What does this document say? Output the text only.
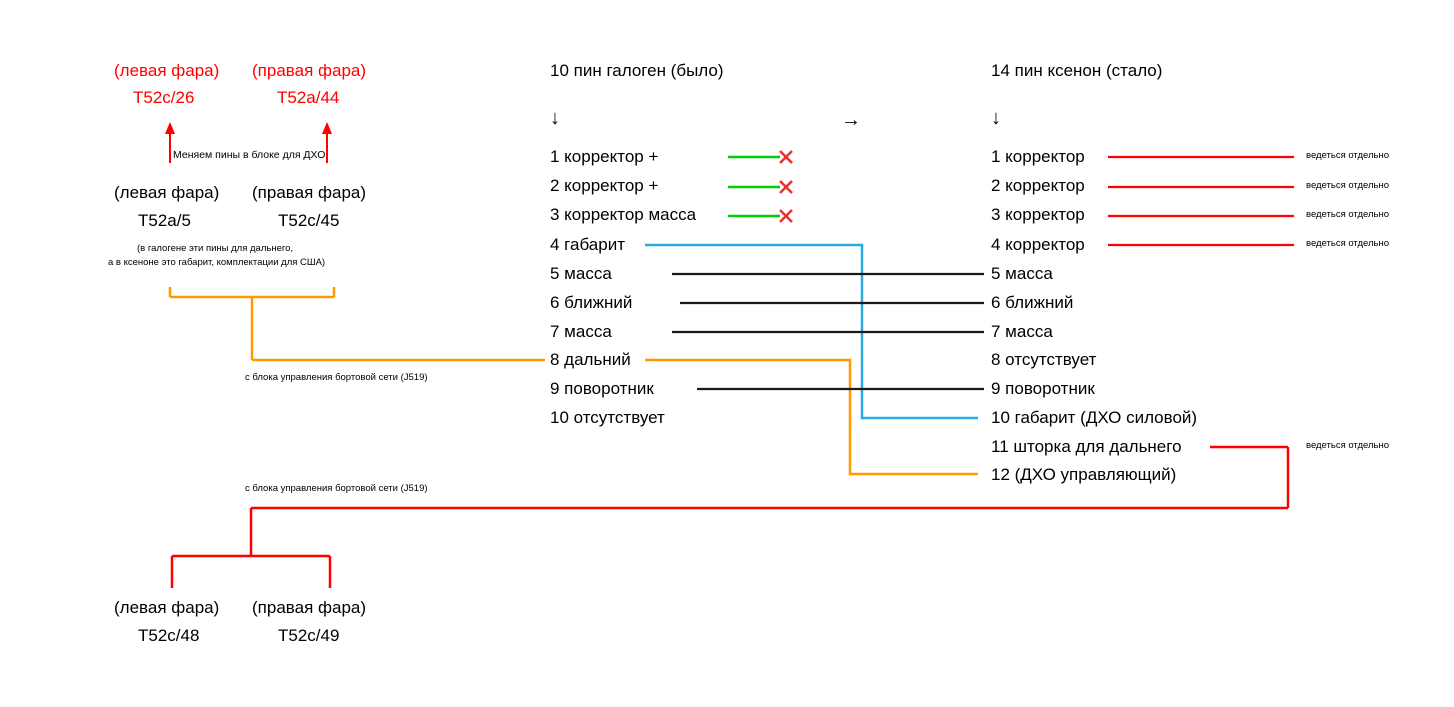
(левая фара)
T52c/26
(правая фара)
T52a/44
Меняем пины в блоке для ДХО
(левая фара)
T52a/5
(правая фара)
T52c/45
(в галогене эти пины для дальнего,
а в ксеноне это габарит, комплектации для США)
с блока управления бортовой сети (J519)
с блока управления бортовой сети (J519)
(левая фара)
T52c/48
(правая фара)
T52c/49
10 пин галоген (было)	14 пин ксенон (стало)
↓	↓
→
1 корректор +
2 корректор +
3 корректор масса
4 габарит
5 масса
6 ближний
7 масса
8 дальний
9 поворотник
10 отсутствует
1 корректор
2 корректор
3 корректор
4 корректор
5 масса
6 ближний
7 масса
8 отсутствует
9 поворотник
10 габарит (ДХО силовой)
11 шторка для дальнего
12 (ДХО управляющий)
ведеться отдельно
ведеться отдельно
ведеться отдельно
ведеться отдельно
ведеться отдельно
